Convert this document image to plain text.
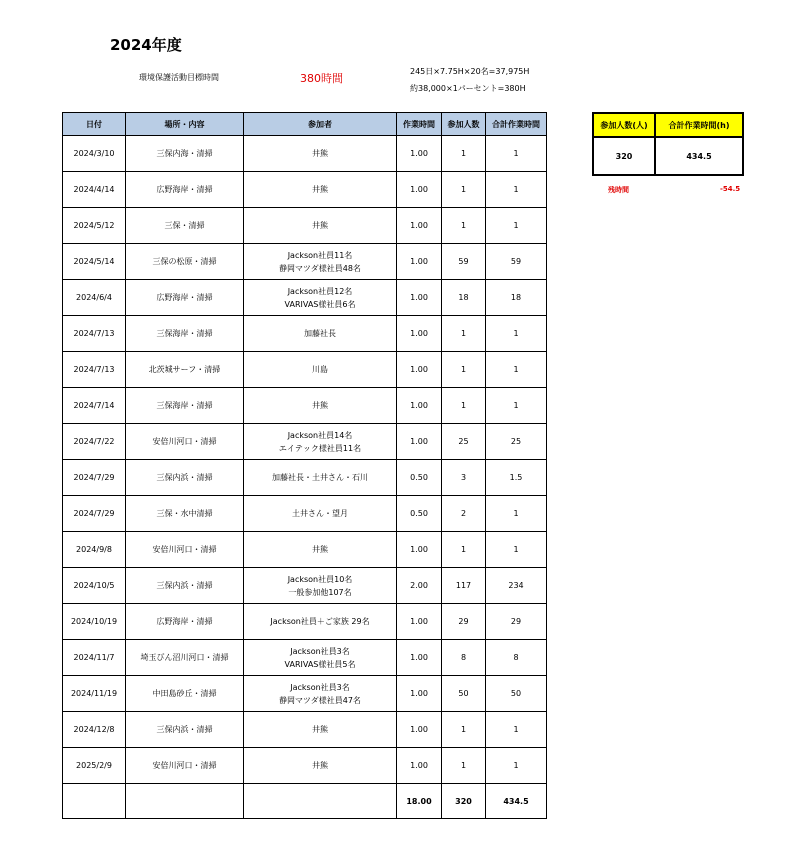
2024年度
環境保護活動目標時間	380時間
245日×7.75H×20名=37,975H
約38,000×1パーセント=380H
日付	場所・内容	参加者	作業時間	参加人数	合計作業時間
2024/3/10	三保内海・清掃	井熊	1.00	1	1
2024/4/14	広野海岸・清掃	井熊	1.00	1	1
2024/5/12	三保・清掃	井熊	1.00	1	1
2024/5/14	三保の松原・清掃	Jackson社員11名
静岡マツダ様社員48名	1.00	59	59
2024/6/4	広野海岸・清掃	Jackson社員12名
VARIVAS様社員6名	1.00	18	18
2024/7/13	三保海岸・清掃	加藤社長	1.00	1	1
2024/7/13	北茨城サーフ・清掃	川島	1.00	1	1
2024/7/14	三保海岸・清掃	井熊	1.00	1	1
2024/7/22	安倍川河口・清掃	Jackson社員14名
エイテック様社員11名	1.00	25	25
2024/7/29	三保内浜・清掃	加藤社長・土井さん・石川	0.50	3	1.5
2024/7/29	三保・水中清掃	土井さん・望月	0.50	2	1
2024/9/8	安倍川河口・清掃	井熊	1.00	1	1
2024/10/5	三保内浜・清掃	Jackson社員10名
一般参加他107名	2.00	117	234
2024/10/19	広野海岸・清掃	Jackson社員＋ご家族 29名	1.00	29	29
2024/11/7	埼玉びん沼川河口・清掃	Jackson社員3名
VARIVAS様社員5名	1.00	8	8
2024/11/19	中田島砂丘・清掃	Jackson社員3名
静岡マツダ様社員47名	1.00	50	50
2024/12/8	三保内浜・清掃	井熊	1.00	1	1
2025/2/9	安倍川河口・清掃	井熊	1.00	1	1
			18.00	320	434.5
参加人数(人)	合計作業時間(h)
320	434.5
残時間	-54.5
